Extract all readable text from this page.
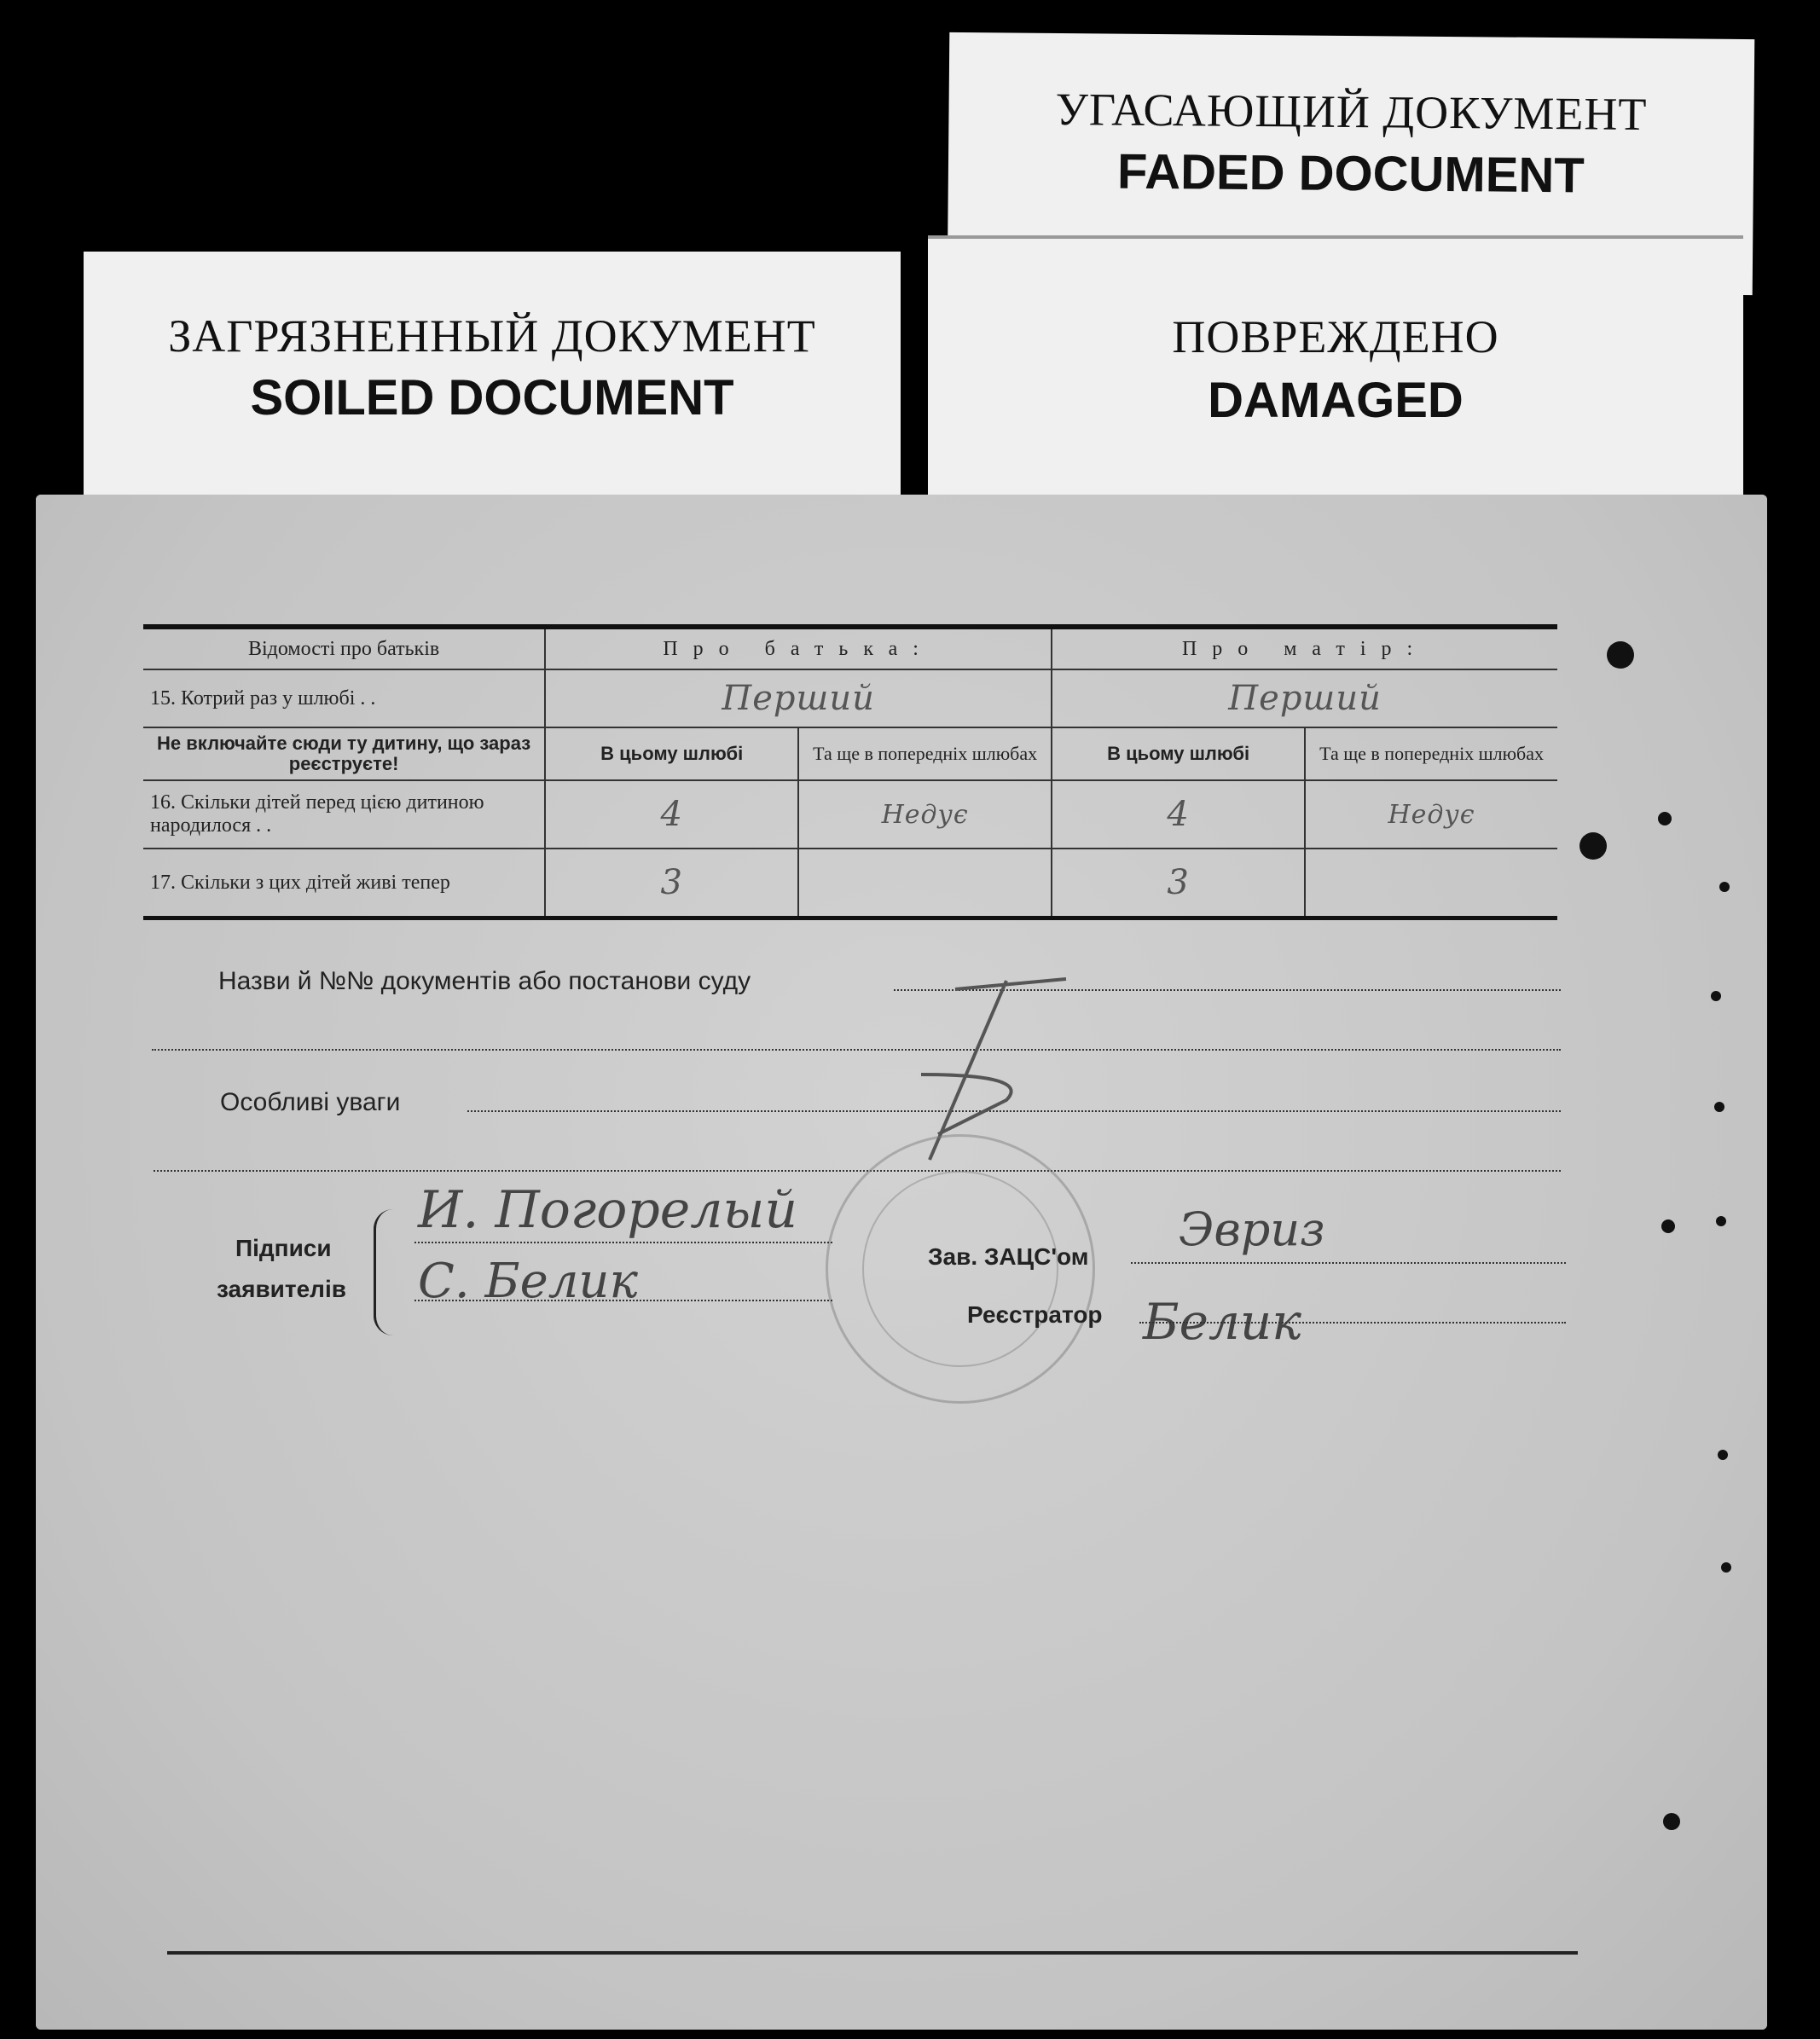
УГАСАЮЩИЙ ДОКУМЕНТ
FADED DOCUMENT
ПОВРЕЖДЕНО
DAMAGED
ЗАГРЯЗНЕННЫЙ ДОКУМЕНТ
SOILED DOCUMENT
Відомості про батьків	Про батька:		Про матір:	
15. Котрий раз у шлюбі . .	Перший		Перший	
Не включайте сюди ту дитину, що зараз реєструєте!	В цьому шлюбі	Та ще в попередніх шлюбах	В цьому шлюбі	Та ще в попередніх шлюбах
16. Скільки дітей перед цією дитиною народилося . .	4	Недує	4	Недує
17. Скільки з цих дітей живі тепер	3		3	
Назви й №№ документів або постанови суду
Особливі уваги
Підписи
заявителів
И. Погорелый
С. Белик	Зав. ЗАЦС'ом
Эвриз
Реєстратор Белик
